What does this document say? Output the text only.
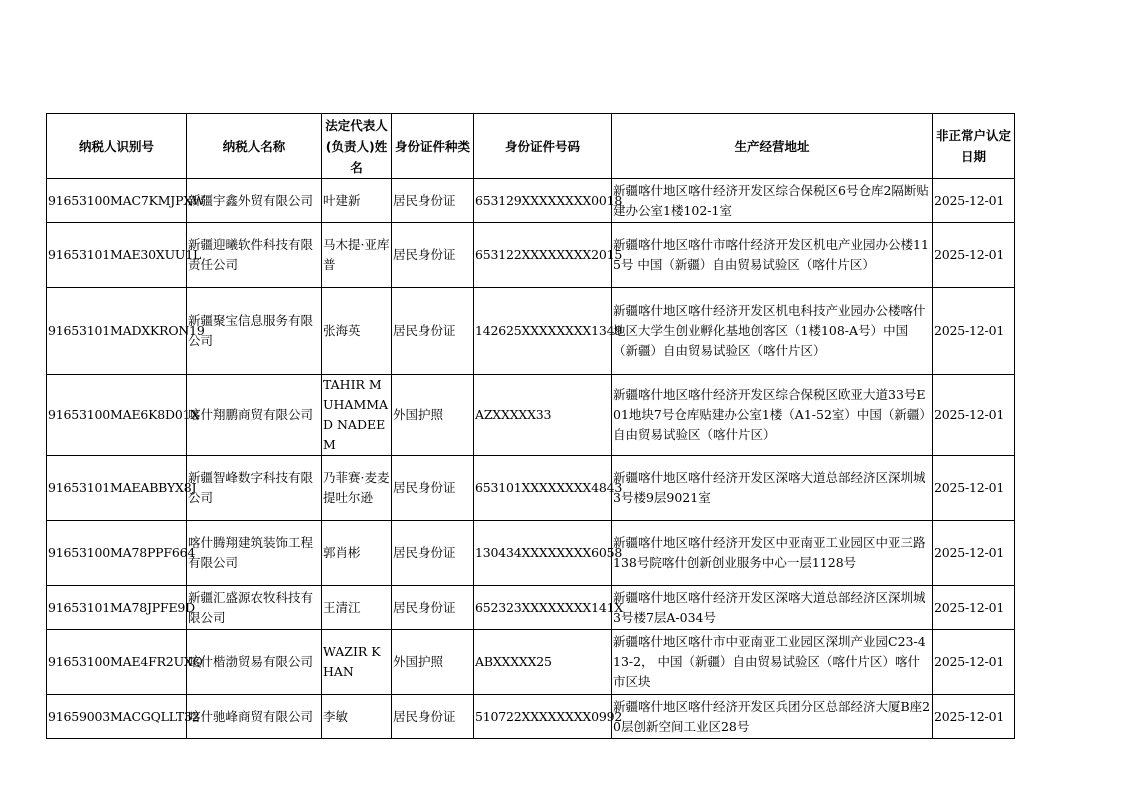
纳税人识别号	纳税人名称	法定代表人(负责人)姓名	身份证件种类	身份证件号码	生产经营地址	非正常户认定日期
91653100MAC7KMJPXW	新疆宇鑫外贸有限公司	叶建新	居民身份证	653129XXXXXXXX0018	新疆喀什地区喀什经济开发区综合保税区6号仓库2隔断贴建办公室1楼102-1室	2025-12-01
91653101MAE30XUU1L	新疆迎曦软件科技有限责任公司	马木提·亚库普	居民身份证	653122XXXXXXXX2015	新疆喀什地区喀什市喀什经济开发区机电产业园办公楼115号 中国（新疆）自由贸易试验区（喀什片区）	2025-12-01
91653101MADXKRON19	新疆聚宝信息服务有限公司	张海英	居民身份证	142625XXXXXXXX1349	新疆喀什地区喀什经济开发区机电科技产业园办公楼喀什地区大学生创业孵化基地创客区（1楼108-A号）中国（新疆）自由贸易试验区（喀什片区）	2025-12-01
91653100MAE6K8D01X	喀什翔鹏商贸有限公司	TAHIR MUHAMMAD NADEEM	外国护照	AZXXXXX33	新疆喀什地区喀什经济开发区综合保税区欧亚大道33号E01地块7号仓库贴建办公室1楼（A1-52室）中国（新疆）自由贸易试验区（喀什片区）	2025-12-01
91653101MAEABBYX8J	新疆智峰数字科技有限公司	乃菲赛·麦麦提吐尔逊	居民身份证	653101XXXXXXXX4843	新疆喀什地区喀什经济开发区深喀大道总部经济区深圳城3号楼9层9021室	2025-12-01
91653100MA78PPF664	喀什腾翔建筑装饰工程有限公司	郭肖彬	居民身份证	130434XXXXXXXX6058	新疆喀什地区喀什经济开发区中亚南亚工业园区中亚三路138号院喀什创新创业服务中心一层1128号	2025-12-01
91653101MA78JPFE9D	新疆汇盛源农牧科技有限公司	王清江	居民身份证	652323XXXXXXXX141X	新疆喀什地区喀什经济开发区深喀大道总部经济区深圳城3号楼7层A-034号	2025-12-01
91653100MAE4FR2UXQ	喀什楷渤贸易有限公司	WAZIR KHAN	外国护照	ABXXXXX25	新疆喀什地区喀什市中亚南亚工业园区深圳产业园C23-413-2， 中国（新疆）自由贸易试验区（喀什片区）喀什市区块	2025-12-01
91659003MACGQLLT32	喀什驰峰商贸有限公司	李敏	居民身份证	510722XXXXXXXX0992	新疆喀什地区喀什经济开发区兵团分区总部经济大厦B座20层创新空间工业区28号	2025-12-01
